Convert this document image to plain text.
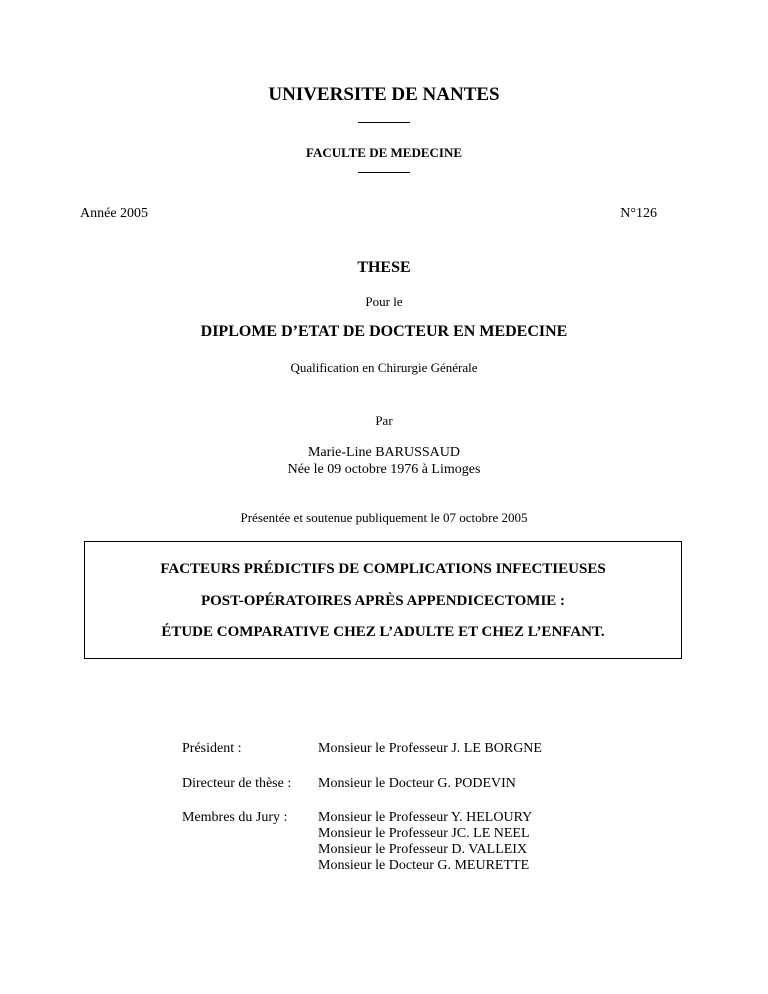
UNIVERSITE DE NANTES
FACULTE DE MEDECINE
Année 2005	N°126
THESE
Pour le
DIPLOME D’ETAT DE DOCTEUR EN MEDECINE
Qualification en Chirurgie Générale
Par
Marie-Line BARUSSAUD
Née le 09 octobre 1976 à Limoges
Présentée et soutenue publiquement le 07 octobre 2005
FACTEURS PRÉDICTIFS DE COMPLICATIONS INFECTIEUSES
POST-OPÉRATOIRES APRÈS APPENDICECTOMIE :
ÉTUDE COMPARATIVE CHEZ L’ADULTE ET CHEZ L’ENFANT.
Président :	Monsieur le Professeur J. LE BORGNE
Directeur de thèse : Monsieur le Docteur G. PODEVIN
Membres du Jury : Monsieur le Professeur Y. HELOURY
Monsieur le Professeur JC. LE NEEL
Monsieur le Professeur D. VALLEIX
Monsieur le Docteur G. MEURETTE
